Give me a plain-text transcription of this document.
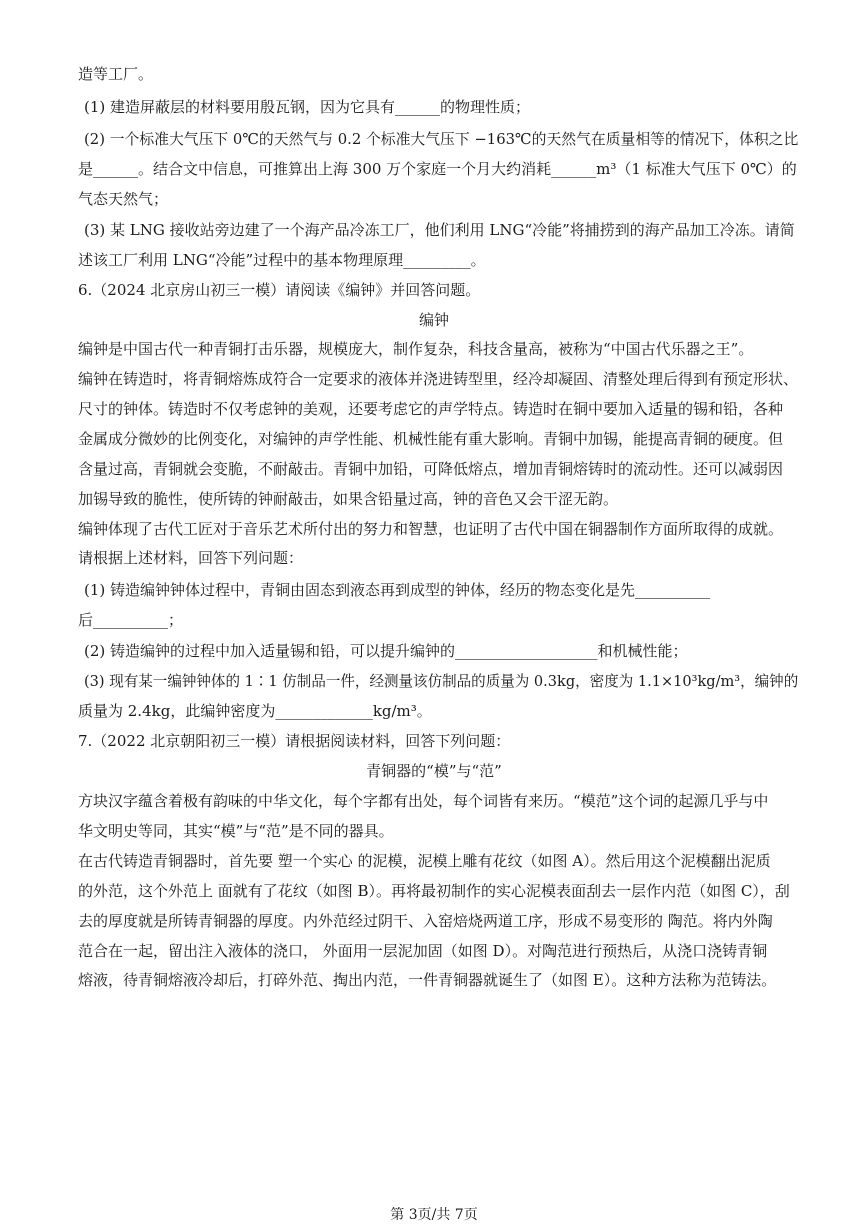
造等工厂。
(1) 建造屏蔽层的材料要用殷瓦钢，因为它具有______的物理性质；
(2) 一个标准大气压下 0℃的天然气与 0.2 个标准大气压下 −163℃的天然气在质量相等的情况下，体积之比
是______。结合文中信息，可推算出上海 300 万个家庭一个月大约消耗______m³（1 标准大气压下 0℃）的
气态天然气；
(3) 某 LNG 接收站旁边建了一个海产品冷冻工厂，他们利用 LNG“冷能”将捕捞到的海产品加工冷冻。请简
述该工厂利用 LNG“冷能”过程中的基本物理原理_________。
6.（2024 北京房山初三一模）请阅读《编钟》并回答问题。
编钟
编钟是中国古代一种青铜打击乐器，规模庞大，制作复杂，科技含量高，被称为“中国古代乐器之王”。
编钟在铸造时，将青铜熔炼成符合一定要求的液体并浇进铸型里，经冷却凝固、清整处理后得到有预定形状、
尺寸的钟体。铸造时不仅考虑钟的美观，还要考虑它的声学特点。铸造时在铜中要加入适量的锡和铅，各种
金属成分微妙的比例变化，对编钟的声学性能、机械性能有重大影响。青铜中加锡，能提高青铜的硬度。但
含量过高，青铜就会变脆，不耐敲击。青铜中加铅，可降低熔点，增加青铜熔铸时的流动性。还可以减弱因
加锡导致的脆性，使所铸的钟耐敲击，如果含铅量过高，钟的音色又会干涩无韵。
编钟体现了古代工匠对于音乐艺术所付出的努力和智慧，也证明了古代中国在铜器制作方面所取得的成就。
请根据上述材料，回答下列问题：
(1) 铸造编钟钟体过程中，青铜由固态到液态再到成型的钟体，经历的物态变化是先__________
后__________；
(2) 铸造编钟的过程中加入适量锡和铅，可以提升编钟的___________________和机械性能；
(3) 现有某一编钟钟体的 1∶1 仿制品一件，经测量该仿制品的质量为 0.3kg，密度为 1.1×10³kg/m³，编钟的
质量为 2.4kg，此编钟密度为_____________kg/m³。
7.（2022 北京朝阳初三一模）请根据阅读材料，回答下列问题：
青铜器的“模”与“范”
方块汉字蕴含着极有韵味的中华文化，每个字都有出处，每个词皆有来历。“模范”这个词的起源几乎与中
华文明史等同，其实“模”与“范”是不同的器具。
在古代铸造青铜器时，首先要 塑一个实心 的泥模，泥模上雕有花纹（如图 A）。然后用这个泥模翻出泥质
的外范，这个外范上 面就有了花纹（如图 B）。再将最初制作的实心泥模表面刮去一层作内范（如图 C），刮
去的厚度就是所铸青铜器的厚度。内外范经过阴干、入窑焙烧两道工序，形成不易变形的 陶范。将内外陶
范合在一起，留出注入液体的浇口， 外面用一层泥加固（如图 D）。对陶范进行预热后，从浇口浇铸青铜
熔液，待青铜熔液冷却后，打碎外范、掏出内范，一件青铜器就诞生了（如图 E）。这种方法称为范铸法。
第 3页/共 7页
